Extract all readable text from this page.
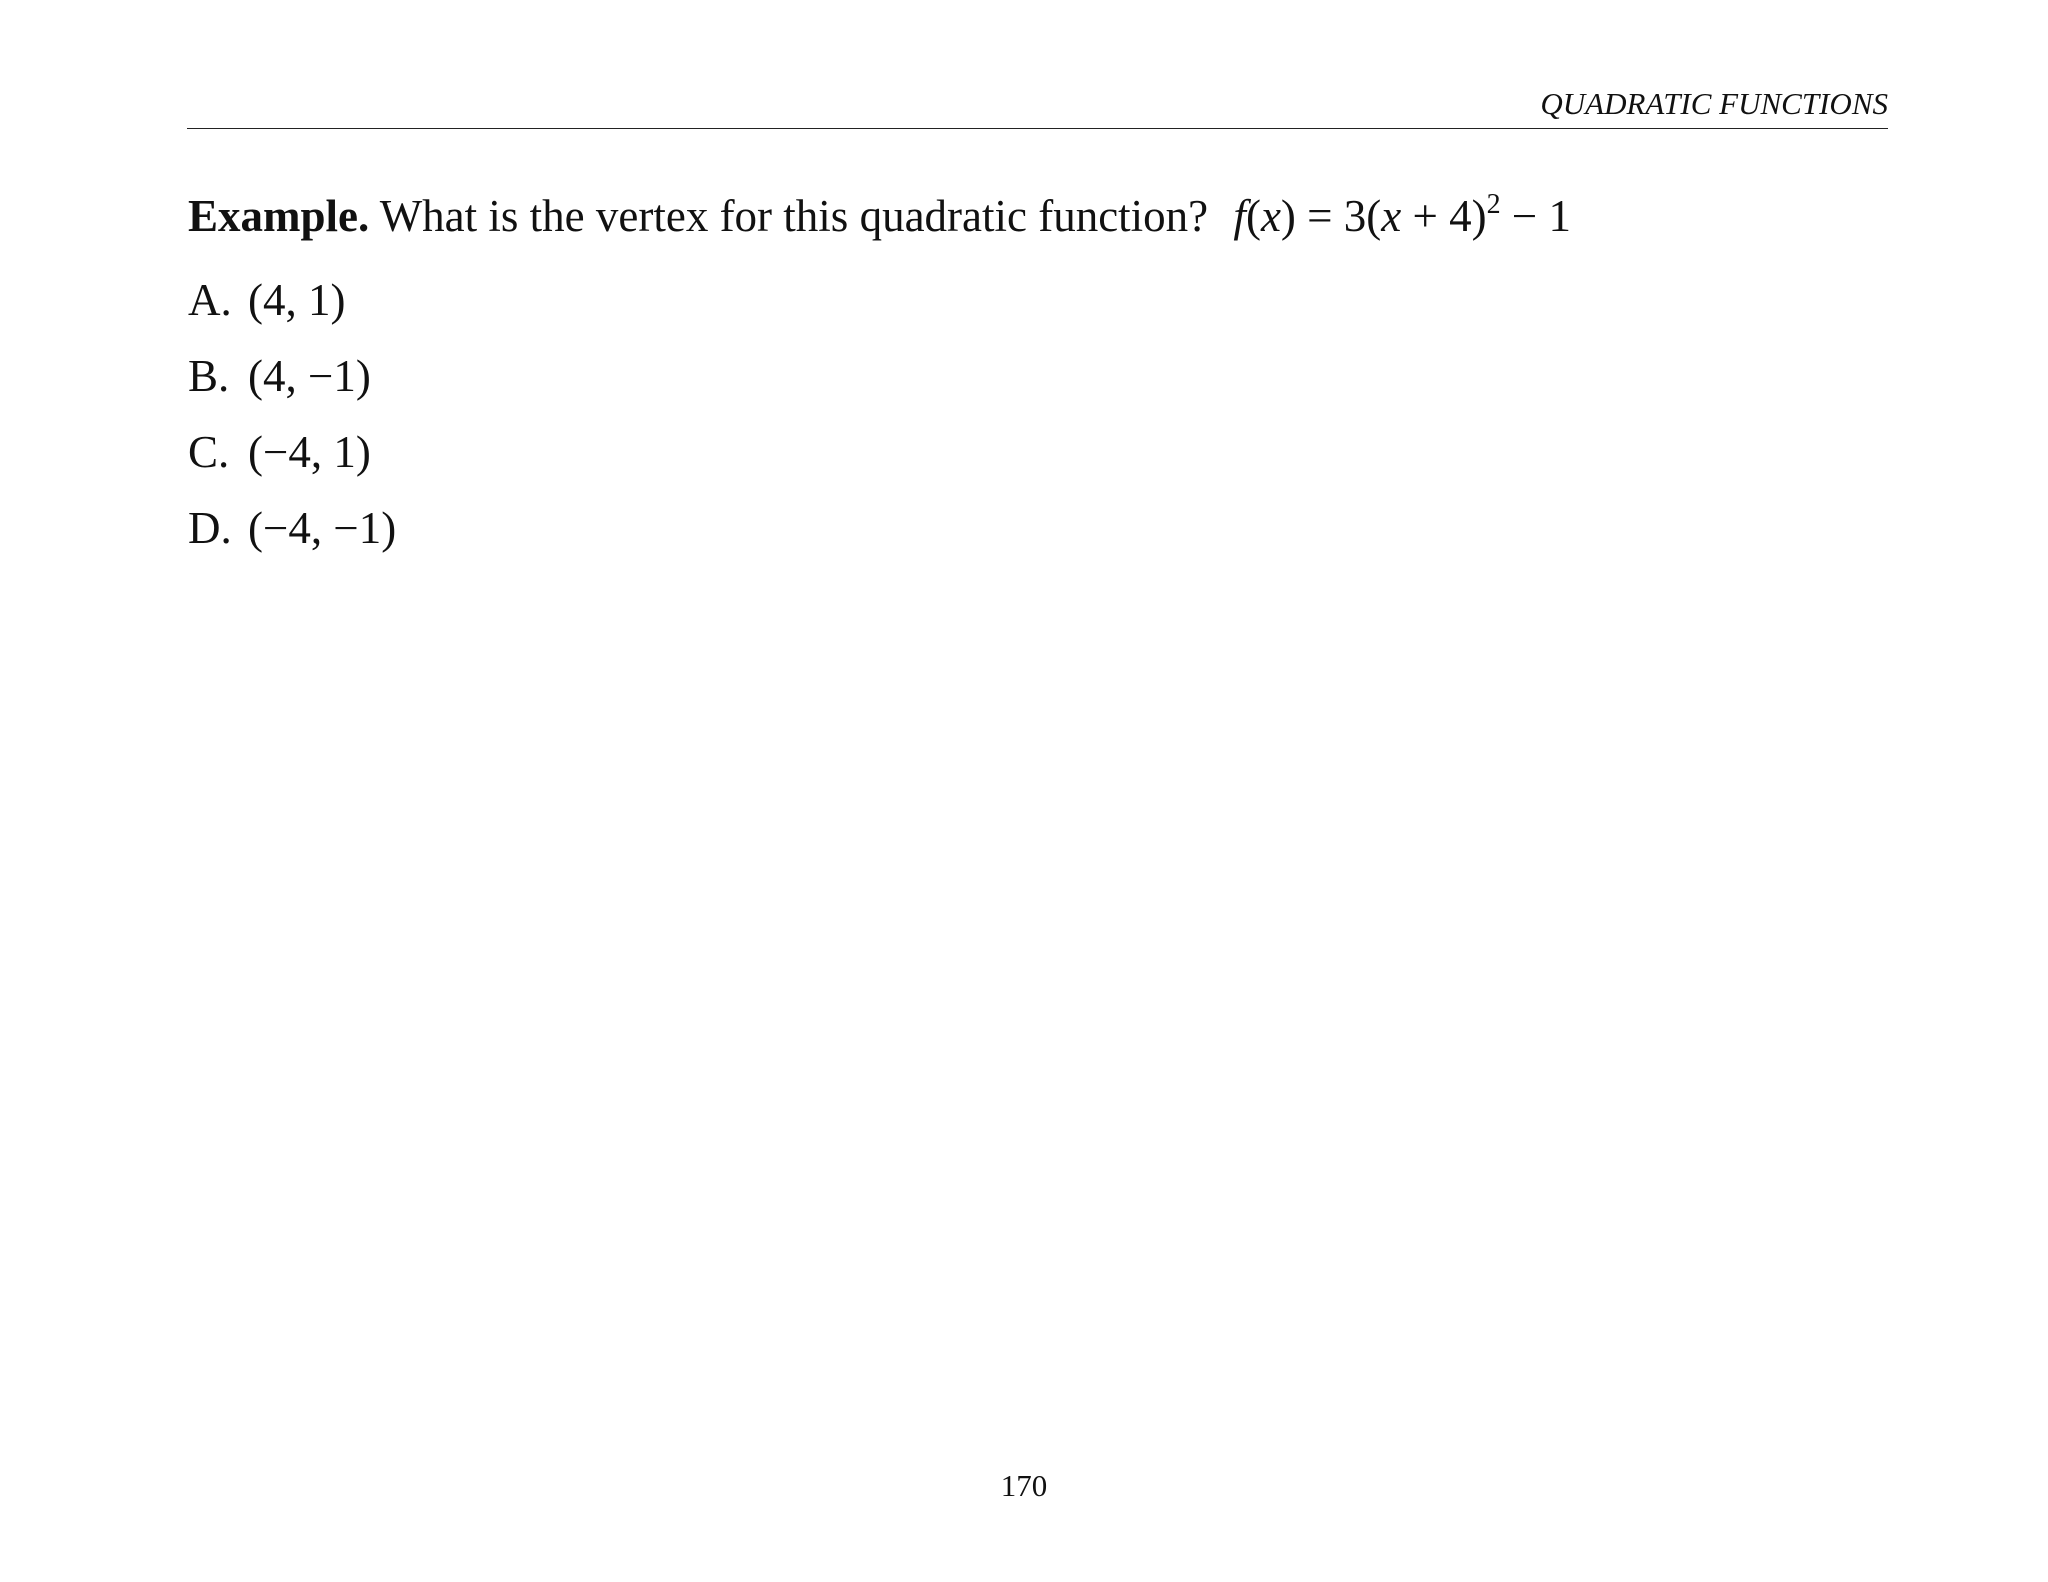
QUADRATIC FUNCTIONS
Example. What is the vertex for this quadratic function? $f(x) = 3(x + 4)^2 - 1$
A. (4, 1)
B. (4, −1)
C. (−4, 1)
D. (−4, −1)
170
